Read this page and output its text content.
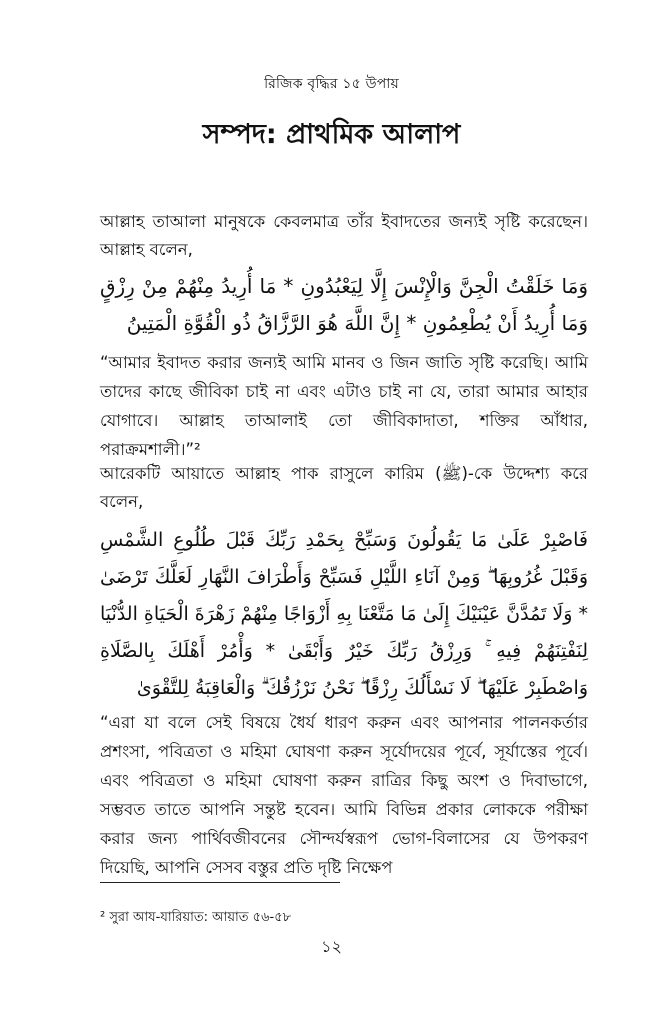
রিজিক বৃদ্ধির ১৫ উপায়
সম্পদ: প্রাথমিক আলাপ

আল্লাহ তাআলা মানুষকে কেবলমাত্র তাঁর ইবাদতের জন্যই সৃষ্টি করেছেন। আল্লাহ বলেন,

وَمَا خَلَقْتُ الْجِنَّ وَالْإِنْسَ إِلَّا لِيَعْبُدُونِ * مَا أُرِيدُ مِنْهُمْ مِنْ رِزْقٍ وَمَا أُرِيدُ أَنْ يُطْعِمُونِ * إِنَّ اللَّهَ هُوَ الرَّزَّاقُ ذُو الْقُوَّةِ الْمَتِينُ

“আমার ইবাদত করার জন্যই আমি মানব ও জিন জাতি সৃষ্টি করেছি। আমি তাদের কাছে জীবিকা চাই না এবং এটাও চাই না যে, তারা আমার আহার যোগাবে। আল্লাহ তাআলাই তো জীবিকাদাতা, শক্তির আঁধার, পরাক্রমশালী।”²

আরেকটি আয়াতে আল্লাহ পাক রাসুলে কারিম (ﷺ)-কে উদ্দেশ্য করে বলেন,

فَاصْبِرْ عَلَىٰ مَا يَقُولُونَ وَسَبِّحْ بِحَمْدِ رَبِّكَ قَبْلَ طُلُوعِ الشَّمْسِ وَقَبْلَ غُرُوبِهَا ۖ وَمِنْ آنَاءِ اللَّيْلِ فَسَبِّحْ وَأَطْرَافَ النَّهَارِ لَعَلَّكَ تَرْضَىٰ * وَلَا تَمُدَّنَّ عَيْنَيْكَ إِلَىٰ مَا مَتَّعْنَا بِهِ أَزْوَاجًا مِنْهُمْ زَهْرَةَ الْحَيَاةِ الدُّنْيَا لِنَفْتِنَهُمْ فِيهِ ۚ وَرِزْقُ رَبِّكَ خَيْرٌ وَأَبْقَىٰ * وَأْمُرْ أَهْلَكَ بِالصَّلَاةِ وَاصْطَبِرْ عَلَيْهَا ۖ لَا نَسْأَلُكَ رِزْقًا ۖ نَحْنُ نَرْزُقُكَ ۗ وَالْعَاقِبَةُ لِلتَّقْوَىٰ

“এরা যা বলে সেই বিষয়ে ধৈর্য ধারণ করুন এবং আপনার পালনকর্তার প্রশংসা, পবিত্রতা ও মহিমা ঘোষণা করুন সূর্যোদয়ের পূর্বে, সূর্যাস্তের পূর্বে। এবং পবিত্রতা ও মহিমা ঘোষণা করুন রাত্রির কিছু অংশ ও দিবাভাগে, সম্ভবত তাতে আপনি সন্তুষ্ট হবেন। আমি বিভিন্ন প্রকার লোককে পরীক্ষা করার জন্য পার্থিবজীবনের সৌন্দর্যস্বরূপ ভোগ-বিলাসের যে উপকরণ দিয়েছি, আপনি সেসব বস্তুর প্রতি দৃষ্টি নিক্ষেপ

² সুরা আয-যারিয়াত: আয়াত ৫৬-৫৮
১২
